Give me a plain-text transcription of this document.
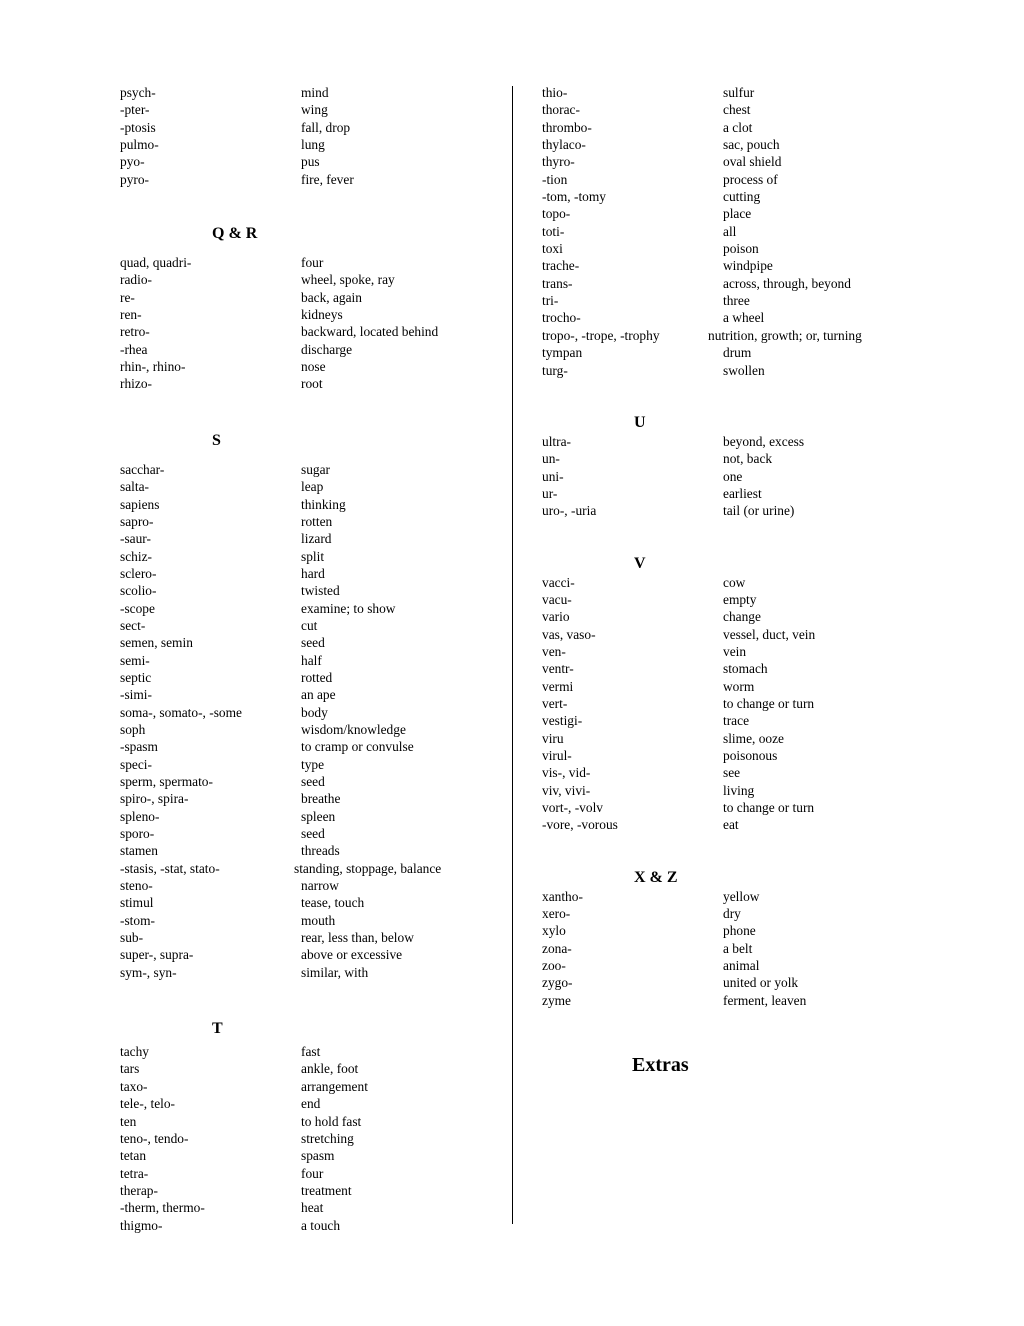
psych-	mind
-pter-	wing
-ptosis	fall, drop
pulmo-	lung
pyo-	pus
pyro-	fire, fever
Q & R
quad, quadri-	four
radio-	wheel, spoke, ray
re-	back, again
ren-	kidneys
retro-	backward, located behind
-rhea	discharge
rhin-, rhino-	nose
rhizo-	root
S
sacchar-	sugar
salta-	leap
sapiens	thinking
sapro-	rotten
-saur-	lizard
schiz-	split
sclero-	hard
scolio-	twisted
-scope	examine; to show
sect-	cut
semen, semin	seed
semi-	half
septic	rotted
-simi-	an ape
soma-, somato-, -some	body
soph	wisdom/knowledge
-spasm	to cramp or convulse
speci-	type
sperm, spermato-	seed
spiro-, spira-	breathe
spleno-	spleen
sporo-	seed
stamen	threads
-stasis, -stat, stato-	standing, stoppage, balance
steno-	narrow
stimul	tease, touch
-stom-	mouth
sub-	rear, less than, below
super-, supra-	above or excessive
sym-, syn-	similar, with
T
tachy	fast
tars	ankle, foot
taxo-	arrangement
tele-, telo-	end
ten	to hold fast
teno-, tendo-	stretching
tetan	spasm
tetra-	four
therap-	treatment
-therm, thermo-	heat
thigmo-	a touch
thio-	sulfur
thorac-	chest
thrombo-	a clot
thylaco-	sac, pouch
thyro-	oval shield
-tion	process of
-tom, -tomy	cutting
topo-	place
toti-	all
toxi	poison
trache-	windpipe
trans-	across, through, beyond
tri-	three
trocho-	a wheel
tropo-, -trope, -trophy	nutrition, growth; or, turning
tympan	drum
turg-	swollen
U
ultra-	beyond, excess
un-	not, back
uni-	one
ur-	earliest
uro-, -uria	tail (or urine)
V
vacci-	cow
vacu-	empty
vario	change
vas, vaso-	vessel, duct, vein
ven-	vein
ventr-	stomach
vermi	worm
vert-	to change or turn
vestigi-	trace
viru	slime, ooze
virul-	poisonous
vis-, vid-	see
viv, vivi-	living
vort-, -volv	to change or turn
-vore, -vorous	eat
X & Z
xantho-	yellow
xero-	dry
xylo	phone
zona-	a belt
zoo-	animal
zygo-	united or yolk
zyme	ferment, leaven
Extras
